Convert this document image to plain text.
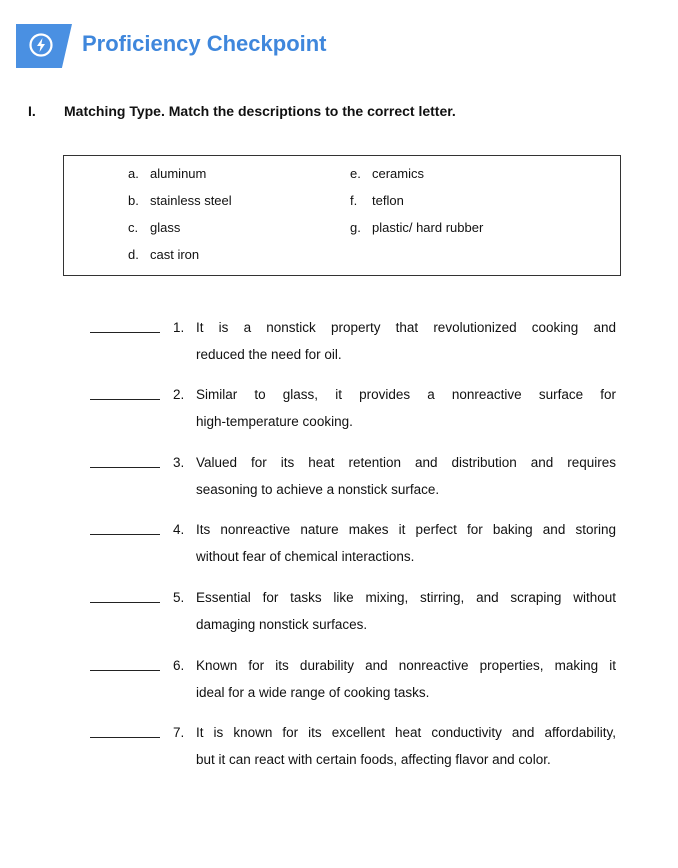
Proficiency Checkpoint
I. Matching Type. Match the descriptions to the correct letter.
a. aluminum
b. stainless steel
c. glass
d. cast iron
e. ceramics
f. teflon
g. plastic/ hard rubber
1. It is a nonstick property that revolutionized cooking and
reduced the need for oil.
2. Similar to glass, it provides a nonreactive surface for
high-temperature cooking.
3. Valued for its heat retention and distribution and requires
seasoning to achieve a nonstick surface.
4. Its nonreactive nature makes it perfect for baking and storing
without fear of chemical interactions.
5. Essential for tasks like mixing, stirring, and scraping without
damaging nonstick surfaces.
6. Known for its durability and nonreactive properties, making it
ideal for a wide range of cooking tasks.
7. It is known for its excellent heat conductivity and affordability,
but it can react with certain foods, affecting flavor and color.
